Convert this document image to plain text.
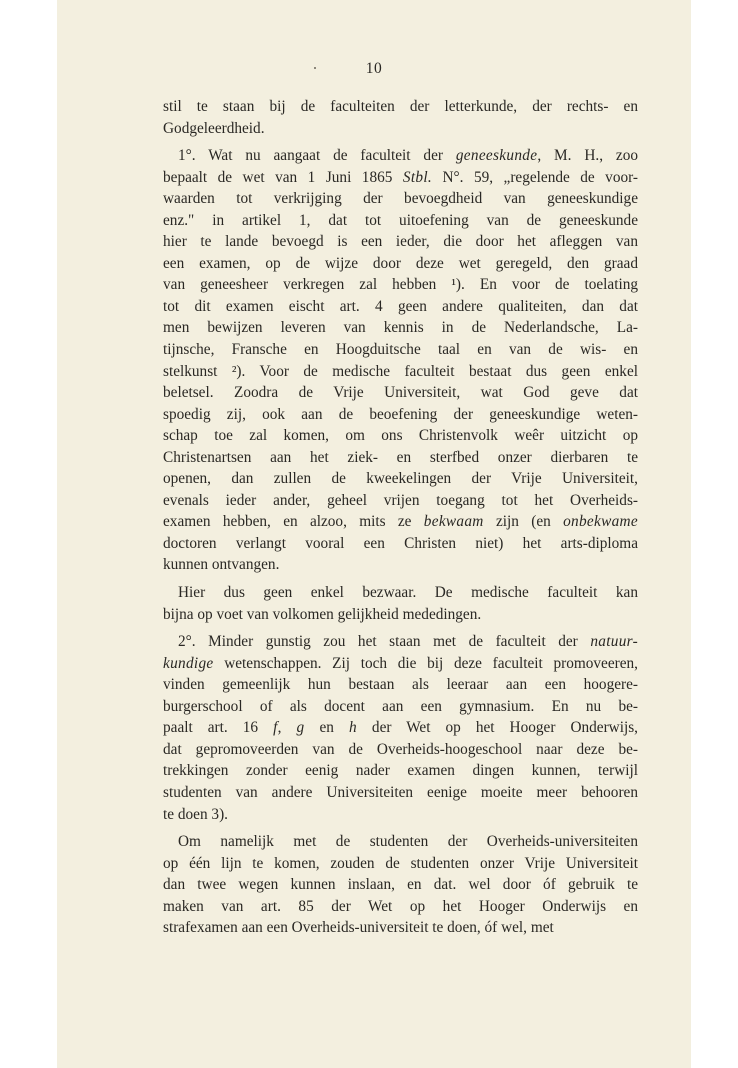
10
stil te staan bij de faculteiten der letterkunde, der rechts- en
Godgeleerdheid.
1°. Wat nu aangaat de faculteit der geneeskunde, M. H., zoo
bepaalt de wet van 1 Juni 1865 Stbl. N°. 59, „regelende de voor-
waarden tot verkrijging der bevoegdheid van geneeskundige
enz." in artikel 1, dat tot uitoefening van de geneeskunde
hier te lande bevoegd is een ieder, die door het afleggen van
een examen, op de wijze door deze wet geregeld, den graad
van geneesheer verkregen zal hebben ¹). En voor de toelating
tot dit examen eischt art. 4 geen andere qualiteiten, dan dat
men bewijzen leveren van kennis in de Nederlandsche, La-
tijnsche, Fransche en Hoogduitsche taal en van de wis- en
stelkunst ²). Voor de medische faculteit bestaat dus geen enkel
beletsel. Zoodra de Vrije Universiteit, wat God geve dat
spoedig zij, ook aan de beoefening der geneeskundige weten-
schap toe zal komen, om ons Christenvolk weêr uitzicht op
Christenartsen aan het ziek- en sterfbed onzer dierbaren te
openen, dan zullen de kweekelingen der Vrije Universiteit,
evenals ieder ander, geheel vrijen toegang tot het Overheids-
examen hebben, en alzoo, mits ze bekwaam zijn (en onbekwame
doctoren verlangt vooral een Christen niet) het arts-diploma
kunnen ontvangen.
Hier dus geen enkel bezwaar. De medische faculteit kan
bijna op voet van volkomen gelijkheid mededingen.
2°. Minder gunstig zou het staan met de faculteit der natuur-
kundige wetenschappen. Zij toch die bij deze faculteit promoveeren,
vinden gemeenlijk hun bestaan als leeraar aan een hoogere-
burgerschool of als docent aan een gymnasium. En nu be-
paalt art. 16 f, g en h der Wet op het Hooger Onderwijs,
dat gepromoveerden van de Overheids-hoogeschool naar deze be-
trekkingen zonder eenig nader examen dingen kunnen, terwijl
studenten van andere Universiteiten eenige moeite meer behooren
te doen 3).
Om namelijk met de studenten der Overheids-universiteiten
op één lijn te komen, zouden de studenten onzer Vrije Universiteit
dan twee wegen kunnen inslaan, en dat. wel door óf gebruik te
maken van art. 85 der Wet op het Hooger Onderwijs en
strafexamen aan een Overheids-universiteit te doen, óf wel, met
